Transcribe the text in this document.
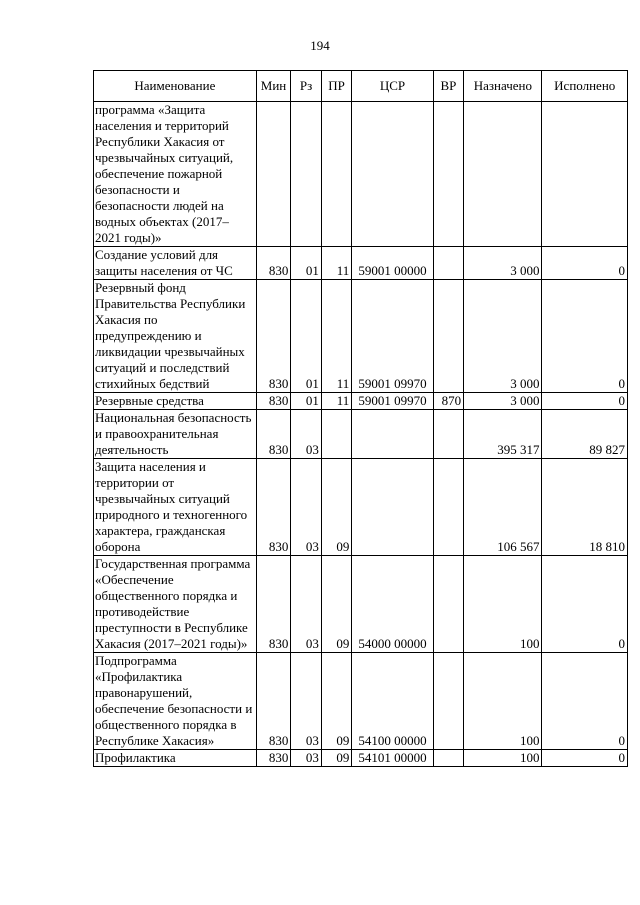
194
Наименование	Мин	Рз	ПР	ЦСР	ВР	Назначено	Исполнено
программа «Защита населения и территорий Республики Хакасия от чрезвычайных ситуаций, обеспечение пожарной безопасности и безопасности людей на водных объектах (2017–2021 годы)»							
Создание условий для защиты населения от ЧС	830	01	11	59001 00000		3 000	0
Резервный фонд Правительства Республики Хакасия по предупреждению и ликвидации чрезвычайных ситуаций и последствий стихийных бедствий	830	01	11	59001 09970		3 000	0
Резервные средства	830	01	11	59001 09970	870	3 000	0
Национальная безопасность и правоохранительная деятельность	830	03				395 317	89 827
Защита населения и территории от чрезвычайных ситуаций природного и техногенного характера, гражданская оборона	830	03	09			106 567	18 810
Государственная программа «Обеспечение общественного порядка и противодействие преступности в Республике Хакасия (2017–2021 годы)»	830	03	09	54000 00000		100	0
Подпрограмма «Профилактика правонарушений, обеспечение безопасности и общественного порядка в Республике Хакасия»	830	03	09	54100 00000		100	0
Профилактика	830	03	09	54101 00000		100	0
